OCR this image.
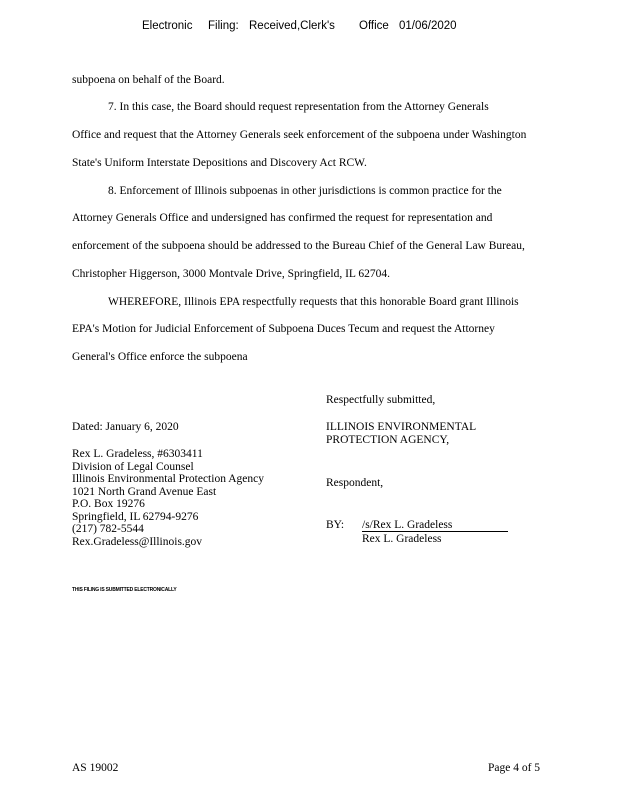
Electronic Filing: Received,Clerk's Office 01/06/2020
subpoena on behalf of the Board.
7. In this case, the Board should request representation from the Attorney Generals
Office and request that the Attorney Generals seek enforcement of the subpoena under Washington
State's Uniform Interstate Depositions and Discovery Act RCW.
8. Enforcement of Illinois subpoenas in other jurisdictions is common practice for the
Attorney Generals Office and undersigned has confirmed the request for representation and
enforcement of the subpoena should be addressed to the Bureau Chief of the General Law Bureau,
Christopher Higgerson, 3000 Montvale Drive, Springfield, IL 62704.
WHEREFORE, Illinois EPA respectfully requests that this honorable Board grant Illinois
EPA's Motion for Judicial Enforcement of Subpoena Duces Tecum and request the Attorney
General's Office enforce the subpoena
Respectfully submitted,
Dated: January 6, 2020	ILLINOIS ENVIRONMENTAL
PROTECTION AGENCY,
Rex L. Gradeless, #6303411
Division of Legal Counsel
Illinois Environmental Protection Agency
1021 North Grand Avenue East
P.O. Box 19276
Springfield, IL 62794-9276
(217) 782-5544
Rex.Gradeless@Illinois.gov
Respondent,
BY: /s/Rex L. Gradeless
Rex L. Gradeless
THIS FILING IS SUBMITTED ELECTRONICALLY
AS 19002	Page 4 of 5
